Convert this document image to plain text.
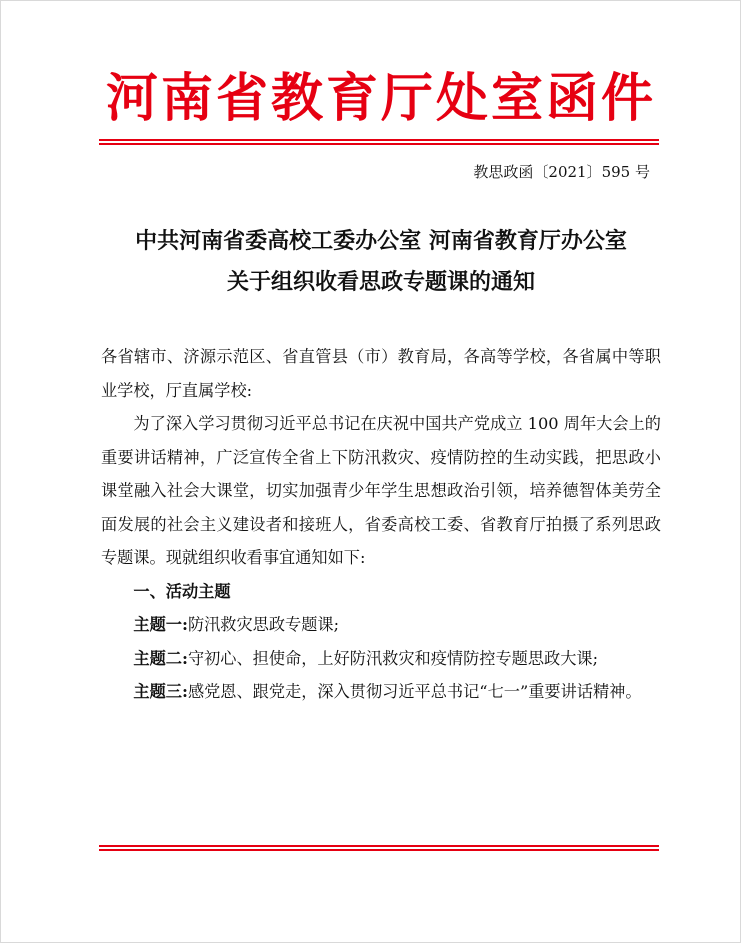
河南省教育厅处室函件
教思政函〔2021〕595 号
中共河南省委高校工委办公室 河南省教育厅办公室
关于组织收看思政专题课的通知

各省辖市、济源示范区、省直管县（市）教育局，各高等学校，各省属中等职业学校，厅直属学校:

为了深入学习贯彻习近平总书记在庆祝中国共产党成立 100 周年大会上的重要讲话精神，广泛宣传全省上下防汛救灾、疫情防控的生动实践，把思政小课堂融入社会大课堂，切实加强青少年学生思想政治引领，培养德智体美劳全面发展的社会主义建设者和接班人，省委高校工委、省教育厅拍摄了系列思政专题课。现就组织收看事宜通知如下:

一、活动主题

主题一:防汛救灾思政专题课;

主题二:守初心、担使命，上好防汛救灾和疫情防控专题思政大课;

主题三:感党恩、跟党走，深入贯彻习近平总书记“七一”重要讲话精神。
